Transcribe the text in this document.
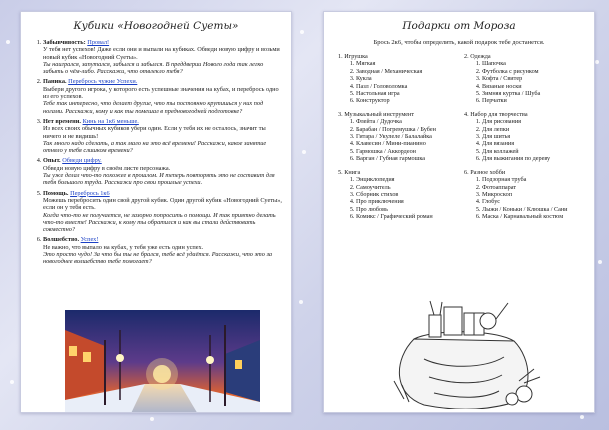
Кубики «Новогодней Суеты»
1. Забывчивость: Провал!
У тебя нет успехов! Даже если они и выпали на кубиках. Обведи новую цифру и возьми новый кубик «Новогодний Суеты».
Ты наигрался, запутался, забылся и забылся. В преддверии Нового года так легко забыть о чём-либо. Расскажи, что отвлекло тебя?
2. Паника. Перебрось чужие Успехи.
Выбери другого игрока, у которого есть успешные значения на кубах, и перебрось одно из его успехов.
Тебе так интересно, что делает другие, что ты постоянно крутишься у них под ногами. Расскажи, кому и как ты помешал в предновогодней подготовке?
3. Нет времени. Кинь на 1к6 меньше.
Из всех своих обычных кубиков убери один. Если у тебя их не осталось, значит ты ничего и не видишь!
Так много надо сделать, а так мало на это всё времени! Расскажи, какое занятие отняло у тебя слишком времени?
4. Опыт. Обведи цифру.
Обведи новую цифру в своём листе персонажа.
Ты уже делал что-то похожее в прошлом. И теперь повторять это не составит для тебя большого труда. Расскажи про свои прошлые успехи.
5. Помощь. Перебрось 1к6
Можешь перебросить один свой другой кубик. Один другой кубик «Новогодний Суеты», если он у тебя есть.
Когда что-то не получается, не зазорно попросить о помощи. И так приятно делать что-то вместе! Расскажи, к кому ты обратился и как вы стали действовать совместно?
6. Волшебство. Успех!
Не важно, что выпало на кубах, у тебя уже есть один успех.
Это просто чудо! За что бы ты не брался, тебе всё удаётся. Расскажи, что это за новогоднее волшебство тебе помогает?
Подарки от Мороза
Брось 2к6, чтобы определить, какой подарок тебе достанется.
1. Игрушка
1. Мягкая
2. Заводная / Механическая
3. Кукла
4. Пазл / Головоломка
5. Настольная игра
6. Конструктор
2. Одежда
1. Шапочка
2. Футболка с рисунком
3. Кофта / Свитер
4. Вязаные носки
5. Зимняя куртка / Шуба
6. Перчатки
3. Музыкальный инструмент
1. Флейта / Дудочка
2. Барабан / Погремушка / Бубен
3. Гитара / Укулеле / Балалайка
4. Клавесин / Мини-пианино
5. Гармошка / Аккордеон
6. Варган / Губная гармошка
4. Набор для творчества
1. Для рисования
2. Для лепки
3. Для шитья
4. Для вязания
5. Для коллажей
6. Для выжигания по дереву
5. Книга
1. Энциклопедия
2. Самоучитель
3. Сборник стихов
4. Про приключения
5. Про любовь
6. Комикс / Графический роман
6. Разное хобби
1. Подзорная труба
2. Фотоаппарат
3. Микроскоп
4. Глобус
5. Лыжи / Коньки / Клюшка / Сани
6. Маска / Карнавальный костюм
